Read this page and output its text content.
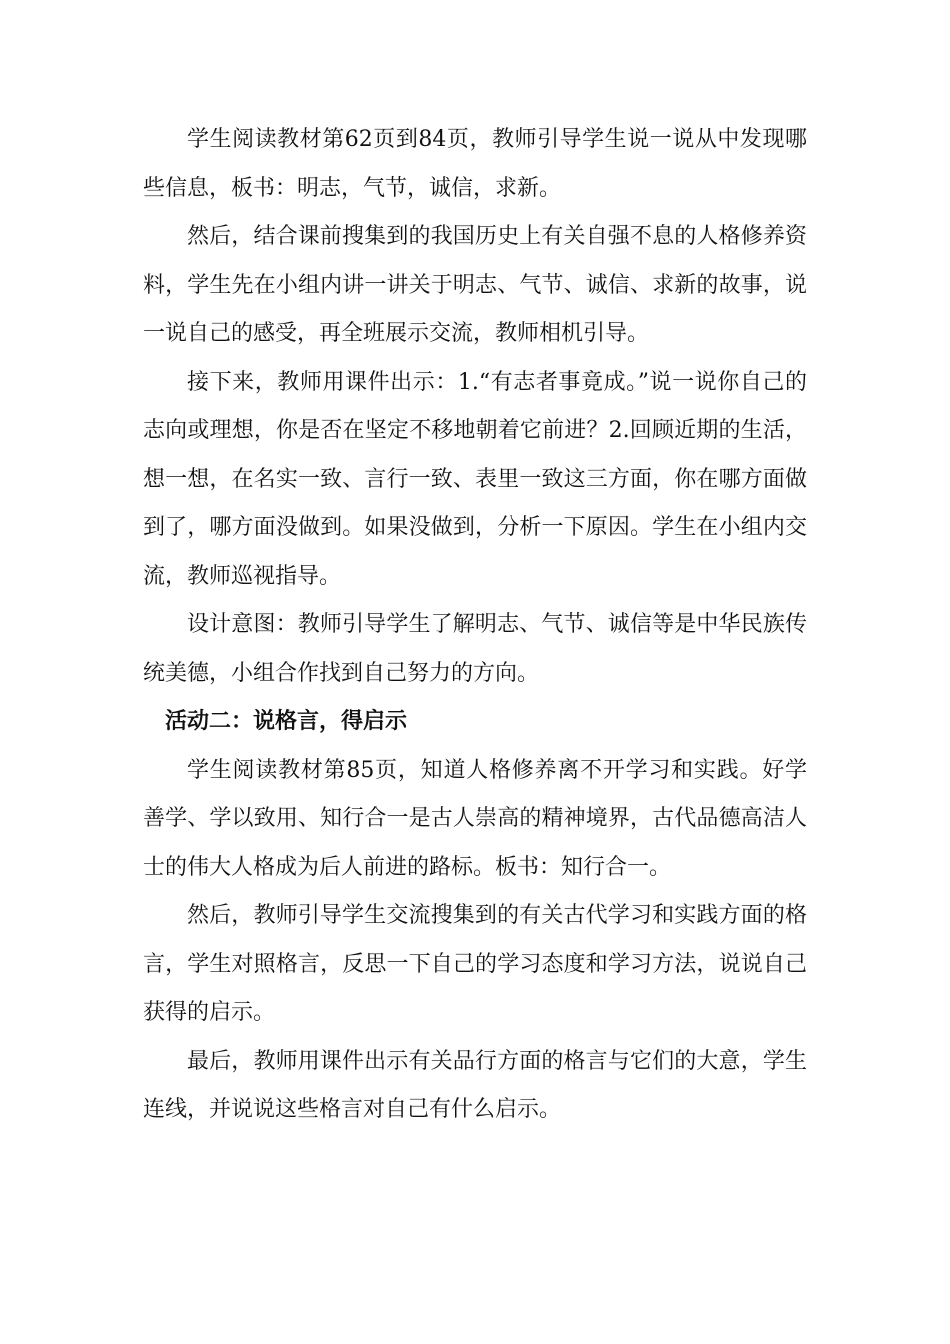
学生阅读教材第62页到84页，教师引导学生说一说从中发现哪些信息，板书：明志，气节，诚信，求新。

然后，结合课前搜集到的我国历史上有关自强不息的人格修养资料，学生先在小组内讲一讲关于明志、气节、诚信、求新的故事，说一说自己的感受，再全班展示交流，教师相机引导。

接下来，教师用课件出示：1.“有志者事竟成。”说一说你自己的志向或理想，你是否在坚定不移地朝着它前进？2.回顾近期的生活，想一想，在名实一致、言行一致、表里一致这三方面，你在哪方面做到了，哪方面没做到。如果没做到，分析一下原因。学生在小组内交流，教师巡视指导。

设计意图：教师引导学生了解明志、气节、诚信等是中华民族传统美德，小组合作找到自己努力的方向。

活动二：说格言，得启示

学生阅读教材第85页，知道人格修养离不开学习和实践。好学善学、学以致用、知行合一是古人崇高的精神境界，古代品德高洁人士的伟大人格成为后人前进的路标。板书：知行合一。

然后，教师引导学生交流搜集到的有关古代学习和实践方面的格言，学生对照格言，反思一下自己的学习态度和学习方法，说说自己获得的启示。

最后，教师用课件出示有关品行方面的格言与它们的大意，学生连线，并说说这些格言对自己有什么启示。
